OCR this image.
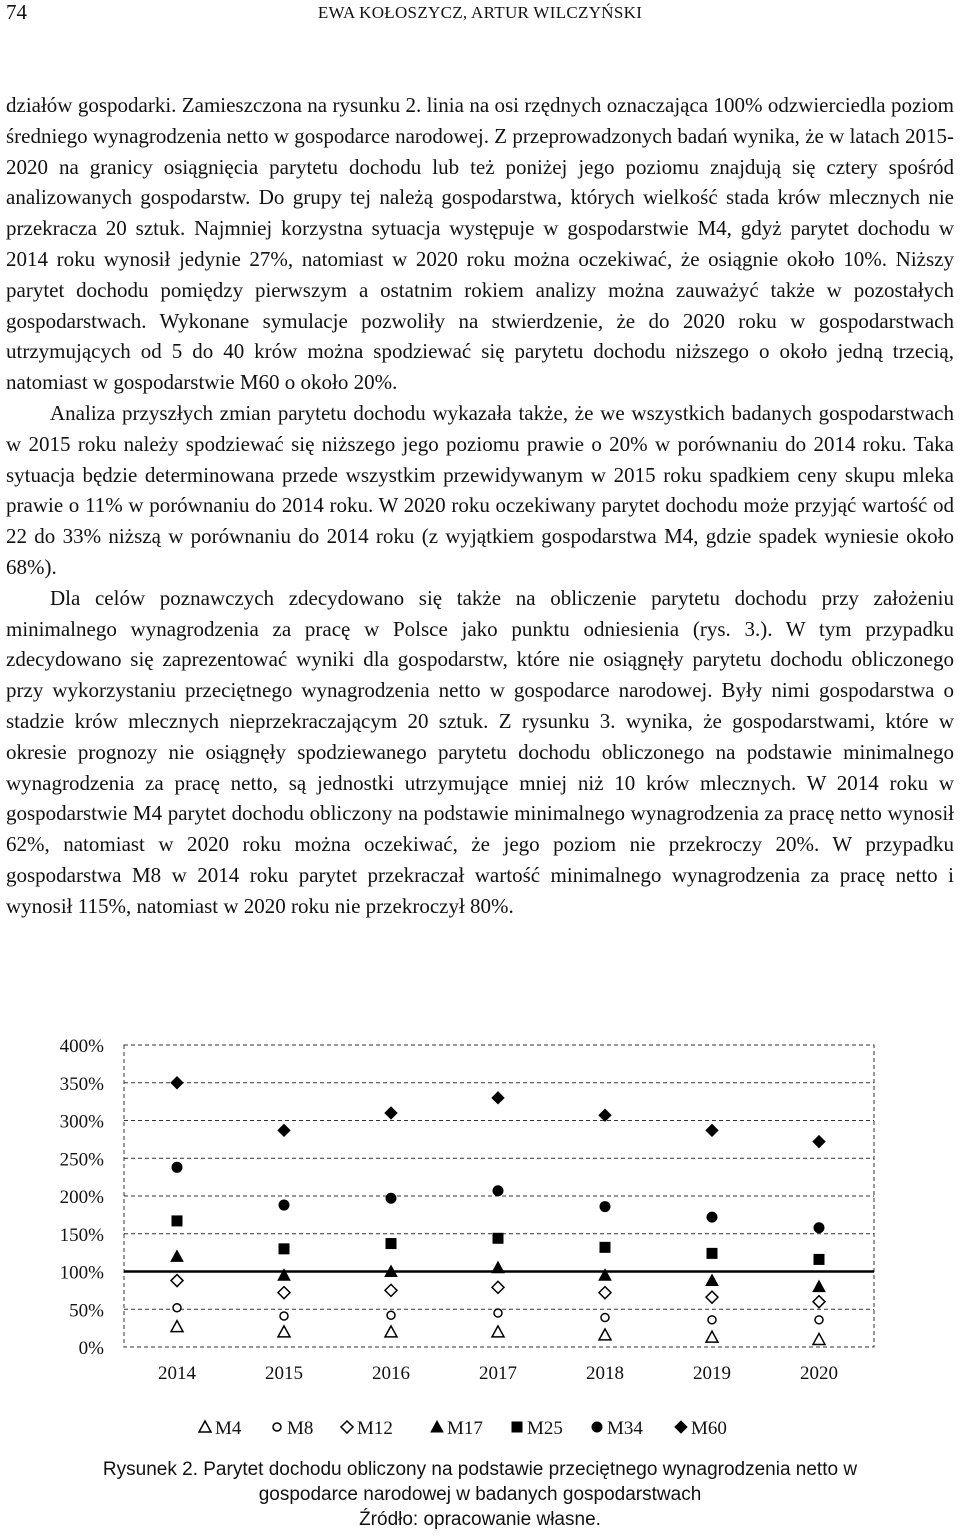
74	EWA KOŁOSZYCZ, ARTUR WILCZYŃSKI

działów gospodarki. Zamieszczona na rysunku 2. linia na osi rzędnych oznaczająca 100% odzwierciedla poziom średniego wynagrodzenia netto w gospodarce narodowej. Z przeprowadzonych badań wynika, że w latach 2015-2020 na granicy osiągnięcia parytetu dochodu lub też poniżej jego poziomu znajdują się cztery spośród analizowanych gospodarstw. Do grupy tej należą gospodarstwa, których wielkość stada krów mlecznych nie przekracza 20 sztuk. Najmniej korzystna sytuacja występuje w gospodarstwie M4, gdyż parytet dochodu w 2014 roku wynosił jedynie 27%, natomiast w 2020 roku można oczekiwać, że osiągnie około 10%. Niższy parytet dochodu pomiędzy pierwszym a ostatnim rokiem analizy można zauważyć także w pozostałych gospodarstwach. Wykonane symulacje pozwoliły na stwierdzenie, że do 2020 roku w gospodarstwach utrzymujących od 5 do 40 krów można spodziewać się parytetu dochodu niższego o około jedną trzecią, natomiast w gospodarstwie M60 o około 20%.

Analiza przyszłych zmian parytetu dochodu wykazała także, że we wszystkich badanych gospodarstwach w 2015 roku należy spodziewać się niższego jego poziomu prawie o 20% w porównaniu do 2014 roku. Taka sytuacja będzie determinowana przede wszystkim przewidywanym w 2015 roku spadkiem ceny skupu mleka prawie o 11% w porównaniu do 2014 roku. W 2020 roku oczekiwany parytet dochodu może przyjąć wartość od 22 do 33% niższą w porównaniu do 2014 roku (z wyjątkiem gospodarstwa M4, gdzie spadek wyniesie około 68%).

Dla celów poznawczych zdecydowano się także na obliczenie parytetu dochodu przy założeniu minimalnego wynagrodzenia za pracę w Polsce jako punktu odniesienia (rys. 3.). W tym przypadku zdecydowano się zaprezentować wyniki dla gospodarstw, które nie osiągnęły parytetu dochodu obliczonego przy wykorzystaniu przeciętnego wynagrodzenia netto w gospodarce narodowej. Były nimi gospodarstwa o stadzie krów mlecznych nieprzekraczającym 20 sztuk. Z rysunku 3. wynika, że gospodarstwami, które w okresie prognozy nie osiągnęły spodziewanego parytetu dochodu obliczonego na podstawie minimalnego wynagrodzenia za pracę netto, są jednostki utrzymujące mniej niż 10 krów mlecznych. W 2014 roku w gospodarstwie M4 parytet dochodu obliczony na podstawie minimalnego wynagrodzenia za pracę netto wynosił 62%, natomiast w 2020 roku można oczekiwać, że jego poziom nie przekroczy 20%. W przypadku gospodarstwa M8 w 2014 roku parytet przekraczał wartość minimalnego wynagrodzenia za pracę netto i wynosił 115%, natomiast w 2020 roku nie przekroczył 80%.

0%
50%
100%
150%
200%
250%
300%
350%
400%
2014	2015	2016	2017	2018	2019	2020
M4 M8 M12	M17 M25 M34	M60
Rysunek 2. Parytet dochodu obliczony na podstawie przeciętnego wynagrodzenia netto w
gospodarce narodowej w badanych gospodarstwach
Źródło: opracowanie własne.
